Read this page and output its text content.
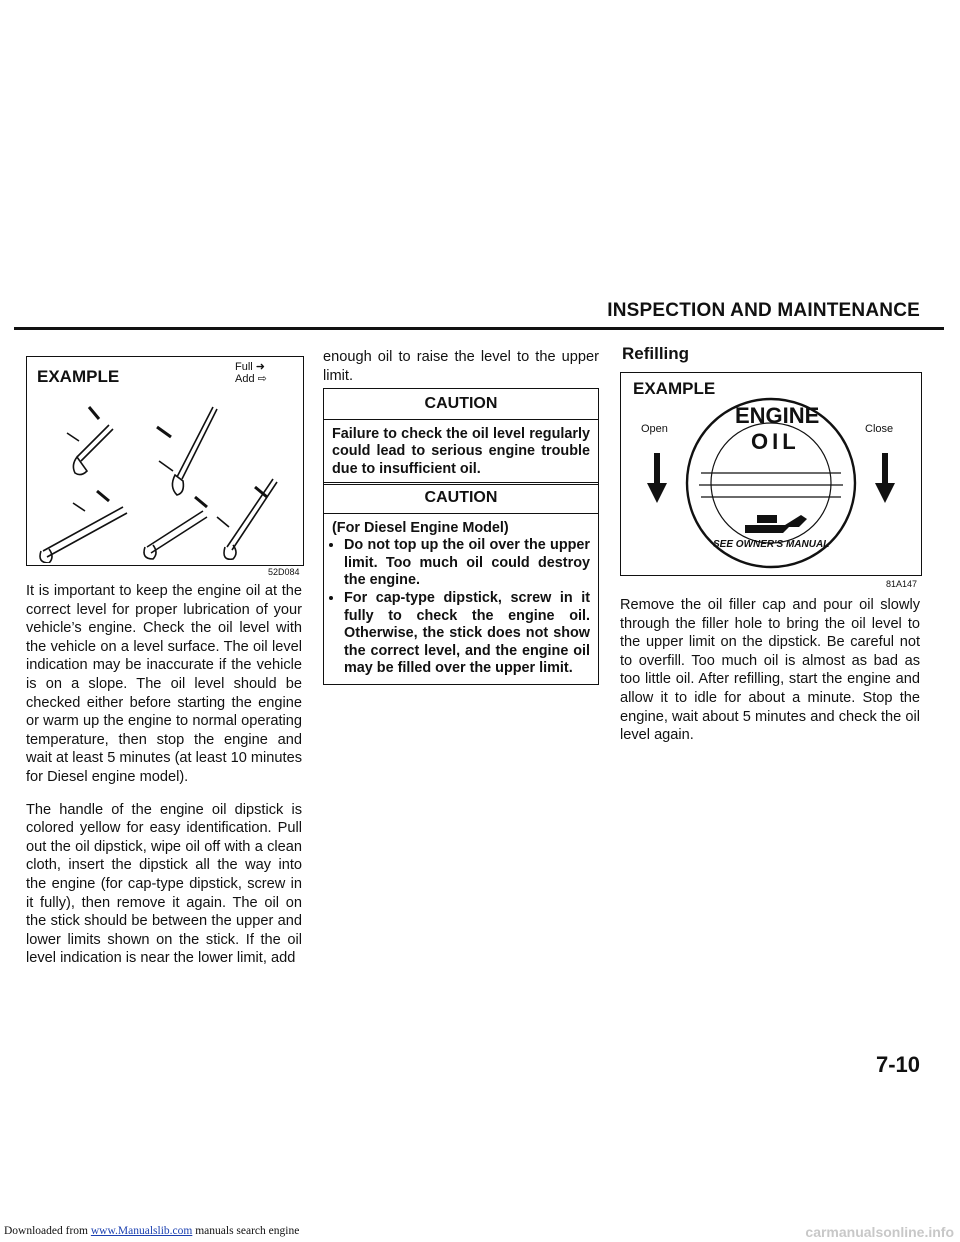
INSPECTION AND MAINTENANCE
EXAMPLE	Full ➜
Add ⇨
52D084

It is important to keep the engine oil at the correct level for proper lubrication of your vehicle’s engine. Check the oil level with the vehicle on a level surface. The oil level indication may be inaccurate if the vehicle is on a slope. The oil level should be checked either before starting the engine or warm up the engine to normal operating temperature, then stop the engine and wait at least 5 minutes (at least 10 minutes for Diesel engine model).

The handle of the engine oil dipstick is colored yellow for easy identification. Pull out the oil dipstick, wipe oil off with a clean cloth, insert the dipstick all the way into the engine (for cap-type dipstick, screw in it fully), then remove it again. The oil on the stick should be between the upper and lower limits shown on the stick. If the oil level indication is near the lower limit, add

enough oil to raise the level to the upper limit.

CAUTION
Failure to check the oil level regularly could lead to serious engine trouble due to insufficient oil.
CAUTION
(For Diesel Engine Model)
• Do not top up the oil over the upper limit. Too much oil could destroy the engine.
• For cap-type dipstick, screw in it fully to check the engine oil. Otherwise, the stick does not show the correct level, and the engine oil may be filled over the upper limit.
Refilling
EXAMPLE
Open	Close
ENGINE
OIL
SEE OWNER'S MANUAL
81A147

Remove the oil filler cap and pour oil slowly through the filler hole to bring the oil level to the upper limit on the dipstick. Be careful not to overfill. Too much oil is almost as bad as too little oil. After refilling, start the engine and allow it to idle for about a minute. Stop the engine, wait about 5 minutes and check the oil level again.

7-10
Downloaded from www.Manualslib.com manuals search engine	carmanualsonline.info
